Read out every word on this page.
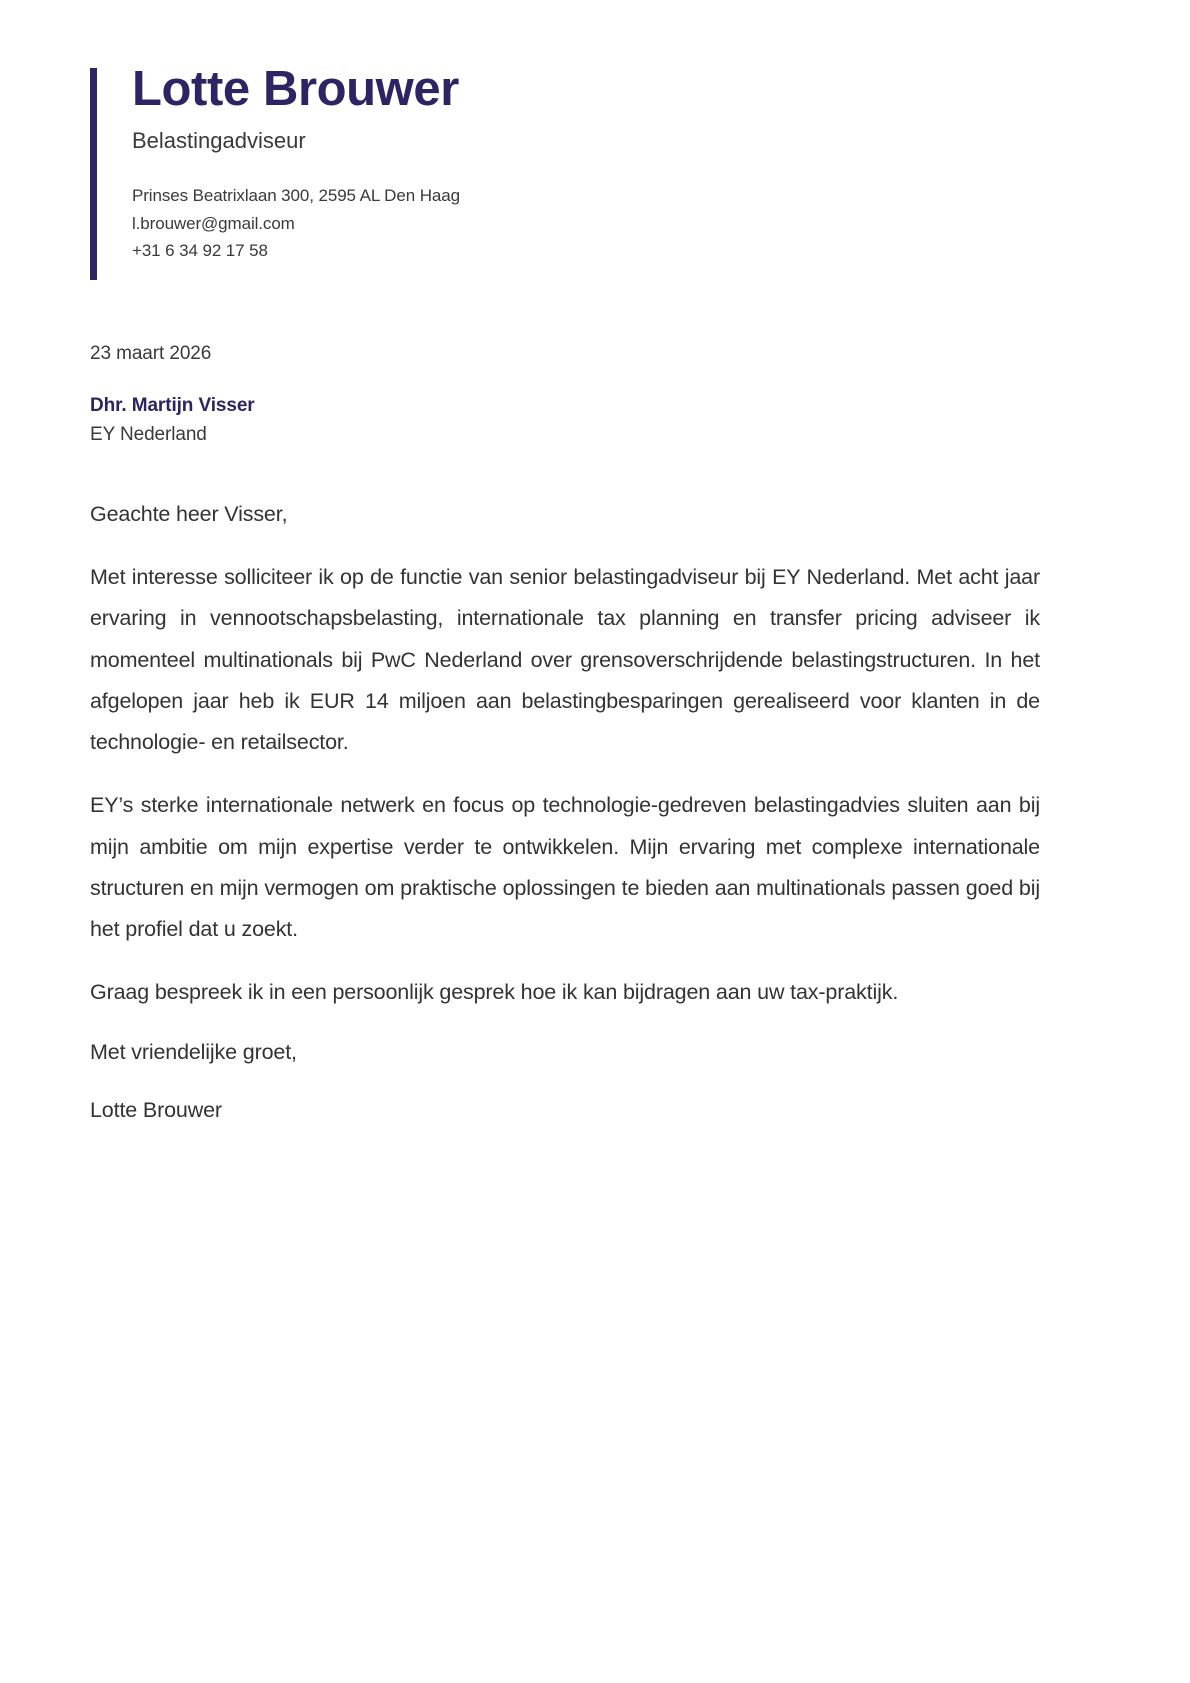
Lotte Brouwer
Belastingadviseur
Prinses Beatrixlaan 300, 2595 AL Den Haag
l.brouwer@gmail.com
+31 6 34 92 17 58
23 maart 2026
Dhr. Martijn Visser
EY Nederland
Geachte heer Visser,

Met interesse solliciteer ik op de functie van senior belastingadviseur bij EY Nederland. Met acht jaar ervaring in vennootschapsbelasting, internationale tax planning en transfer pricing adviseer ik momenteel multinationals bij PwC Nederland over grensoverschrijdende belastingstructuren. In het afgelopen jaar heb ik EUR 14 miljoen aan belastingbesparingen gerealiseerd voor klanten in de technologie- en retailsector.

EY’s sterke internationale netwerk en focus op technologie-gedreven belastingadvies sluiten aan bij mijn ambitie om mijn expertise verder te ontwikkelen. Mijn ervaring met complexe internationale structuren en mijn vermogen om praktische oplossingen te bieden aan multinationals passen goed bij het profiel dat u zoekt.

Graag bespreek ik in een persoonlijk gesprek hoe ik kan bijdragen aan uw tax-praktijk.

Met vriendelijke groet,
Lotte Brouwer
